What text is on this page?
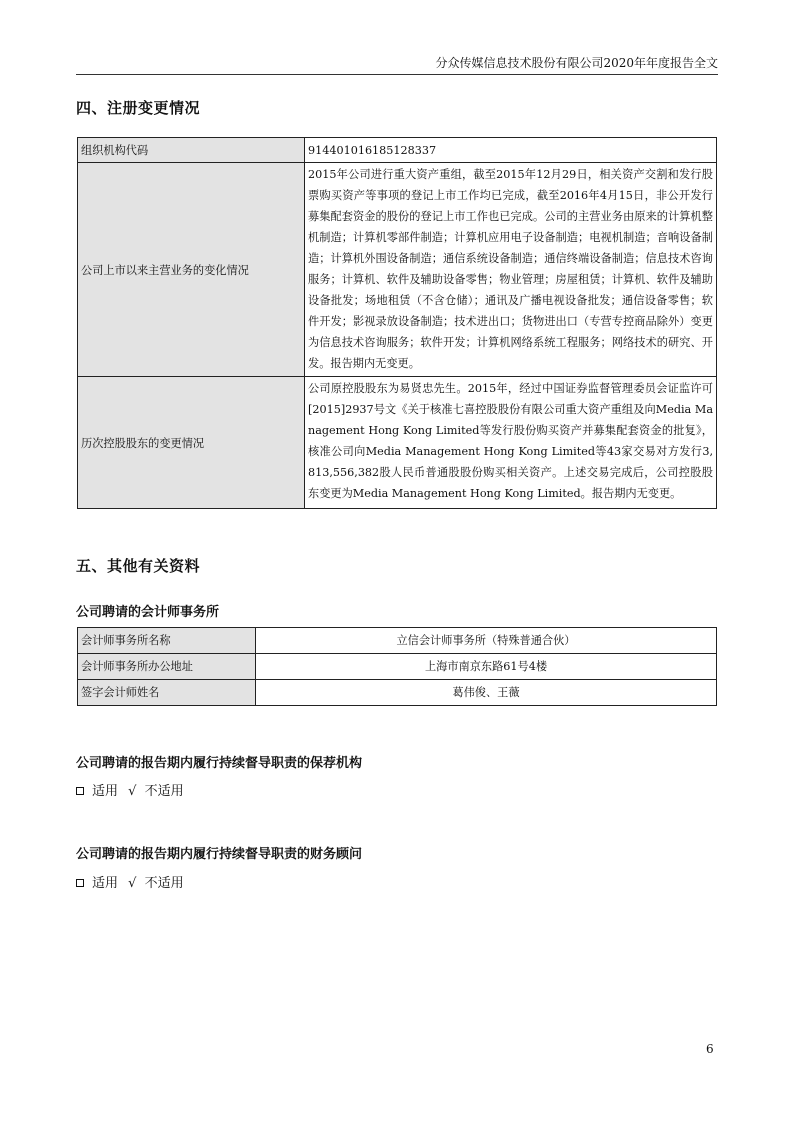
分众传媒信息技术股份有限公司2020年年度报告全文
四、注册变更情况
组织机构代码	914401016185128337
公司上市以来主营业务的变化情况	2015年公司进行重大资产重组，截至2015年12月29日，相关资产交割和发行股票购买资产等事项的登记上市工作均已完成，截至2016年4月15日，非公开发行募集配套资金的股份的登记上市工作也已完成。公司的主营业务由原来的计算机整机制造；计算机零部件制造；计算机应用电子设备制造；电视机制造；音响设备制造；计算机外围设备制造；通信系统设备制造；通信终端设备制造；信息技术咨询服务；计算机、软件及辅助设备零售；物业管理；房屋租赁；计算机、软件及辅助设备批发；场地租赁（不含仓储）；通讯及广播电视设备批发；通信设备零售；软件开发；影视录放设备制造；技术进出口；货物进出口（专营专控商品除外）变更为信息技术咨询服务；软件开发；计算机网络系统工程服务；网络技术的研究、开发。报告期内无变更。
历次控股股东的变更情况	公司原控股股东为易贤忠先生。2015年，经过中国证券监督管理委员会证监许可[2015]2937号文《关于核准七喜控股股份有限公司重大资产重组及向Media Management Hong Kong Limited等发行股份购买资产并募集配套资金的批复》，核准公司向Media Management Hong Kong Limited等43家交易对方发行3,813,556,382股人民币普通股股份购买相关资产。上述交易完成后，公司控股股东变更为Media Management Hong Kong Limited。报告期内无变更。
五、其他有关资料
公司聘请的会计师事务所
会计师事务所名称	立信会计师事务所（特殊普通合伙）
会计师事务所办公地址	上海市南京东路61号4楼
签字会计师姓名	葛伟俊、王薇
公司聘请的报告期内履行持续督导职责的保荐机构
适用 √ 不适用
公司聘请的报告期内履行持续督导职责的财务顾问
适用 √ 不适用
6
